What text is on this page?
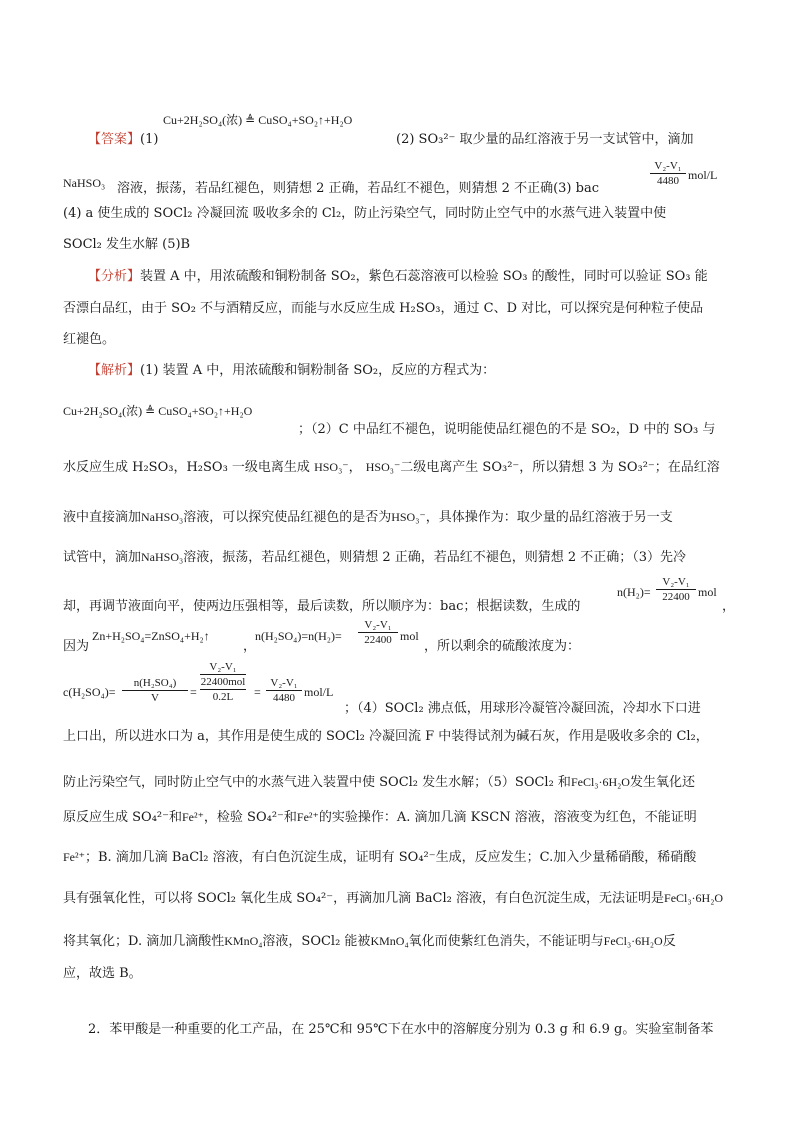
Cu+2H₂SO₄(浓) ≜ CuSO₄+SO₂↑+H₂O
【答案】(1)	(2) SO₃²⁻ 取少量的品红溶液于另一支试管中，滴加
NaHSO₃ 溶液，振荡，若品红褪色，则猜想 2 正确，若品红不褪色，则猜想 2 不正确(3) bac
$\frac{\text{V₂-V₁}}{4480} mol/L$
(4) a 使生成的 SOCl₂ 冷凝回流 吸收多余的 Cl₂，防止污染空气，同时防止空气中的水蒸气进入装置中使
SOCl₂ 发生水解 (5)B
【分析】装置 A 中，用浓硫酸和铜粉制备 SO₂，紫色石蕊溶液可以检验 SO₃ 的酸性，同时可以验证 SO₃ 能
否漂白品红，由于 SO₂ 不与酒精反应，而能与水反应生成 H₂SO₃，通过 C、D 对比，可以探究是何种粒子使品
红褪色。
【解析】(1) 装置 A 中，用浓硫酸和铜粉制备 SO₂，反应的方程式为：
Cu+2H₂SO₄(浓) ≜ CuSO₄+SO₂↑+H₂O
；（2）C 中品红不褪色，说明能使品红褪色的不是 SO₂，D 中的 SO₃ 与
水反应生成 H₂SO₃，H₂SO₃ 一级电离生成 HSO₃⁻， HSO₃⁻二级电离产生 SO₃²⁻，所以猜想 3 为 SO₃²⁻；在品红溶
液中直接滴加NaHSO₃溶液，可以探究使品红褪色的是否为HSO₃⁻，具体操作为：取少量的品红溶液于另一支
试管中，滴加NaHSO₃溶液，振荡，若品红褪色，则猜想 2 正确，若品红不褪色，则猜想 2 不正确；（3）先冷
却，再调节液面向平，使两边压强相等，最后读数，所以顺序为：bac；根据读数，生成的
$n(H_2)= \frac{\text{V₂-V₁}}{22400}$ mol
，
因为
Zn+H₂SO₄=ZnSO₄+H₂↑
，
$n(H_2SO_4)=n(H_2)= \frac{\text{V₂-V₁}}{22400}$ mol
，所以剩余的硫酸浓度为：
$c(H_2SO_4)= \frac{\text{n(H₂SO₄)}}{V}$ =
V₂-V₁
22400mol
0.2L	= $\frac{\text{V₂-V₁}}{4480} mol/L$
；（4）SOCl₂ 沸点低，用球形冷凝管冷凝回流，冷却水下口进
上口出，所以进水口为 a，其作用是使生成的 SOCl₂ 冷凝回流 F 中装得试剂为碱石灰，作用是吸收多余的 Cl₂，
防止污染空气，同时防止空气中的水蒸气进入装置中使 SOCl₂ 发生水解；（5）SOCl₂ 和FeCl₃·6H₂O发生氧化还
原反应生成 SO₄²⁻和Fe²⁺，检验 SO₄²⁻和Fe²⁺的实验操作：A. 滴加几滴 KSCN 溶液，溶液变为红色，不能证明
Fe²⁺；B. 滴加几滴 BaCl₂ 溶液，有白色沉淀生成，证明有 SO₄²⁻生成，反应发生；C.加入少量稀硝酸，稀硝酸
具有强氧化性，可以将 SOCl₂ 氧化生成 SO₄²⁻，再滴加几滴 BaCl₂ 溶液，有白色沉淀生成，无法证明是FeCl₃·6H₂O
将其氧化；D. 滴加几滴酸性KMnO₄溶液，SOCl₂ 能被KMnO₄氧化而使紫红色消失，不能证明与FeCl₃·6H₂O反
应，故选 B。
2．苯甲酸是一种重要的化工产品，在 25℃和 95℃下在水中的溶解度分别为 0.3 g 和 6.9 g。实验室制备苯
